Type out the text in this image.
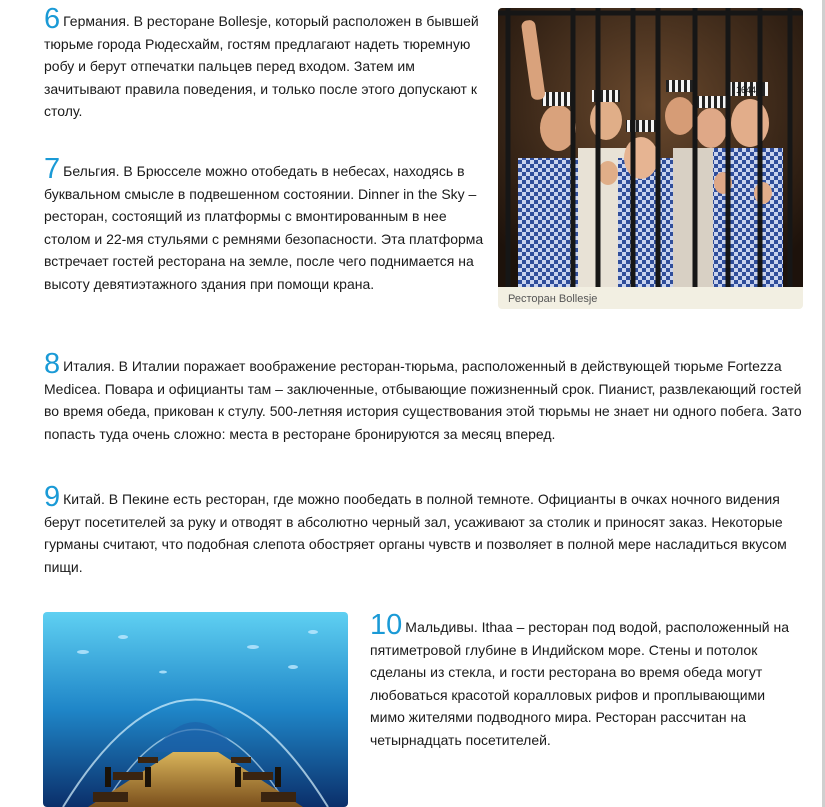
6 Германия. В ресторане Bollesje, который расположен в бывшей тюрьме города Рюдесхайм, гостям предлагают надеть тюремную робу и берут отпечатки пальцев перед входом. Затем им зачитывают правила поведения, и только после этого допускают к столу.
7 Бельгия. В Брюсселе можно отобедать в небесах, находясь в буквальном смысле в подвешенном состоянии. Dinner in the Sky – ресторан, состоящий из платформы с вмонтированным в нее столом и 22-мя стульями с ремнями безопасности. Эта платформа встречает гостей ресторана на земле, после чего поднимается на высоту девятиэтажного здания при помощи крана.
8 Италия. В Италии поражает воображение ресторан-тюрьма, расположенный в действующей тюрьме Fortezza Medicea. Повара и официанты там – заключенные, отбывающие пожизненный срок. Пианист, развлекающий гостей во время обеда, прикован к стулу. 500-летняя история существования этой тюрьмы не знает ни одного побега. Зато попасть туда очень сложно: места в ресторане бронируются за месяц вперед.
9 Китай. В Пекине есть ресторан, где можно пообедать в полной темноте. Официанты в очках ночного видения берут посетителей за руку и отводят в абсолютно черный зал, усаживают за столик и приносят заказ. Некоторые гурманы считают, что подобная слепота обостряет органы чувств и позволяет в полной мере насладиться вкусом пищи.
10 Мальдивы. Ithaa – ресторан под водой, расположенный на пятиметровой глубине в Индийском море. Стены и потолок сделаны из стекла, и гости ресторана во время обеда могут любоваться красотой коралловых рифов и проплывающими мимо жителями подводного мира. Ресторан рассчитан на четырнадцать посетителей.
1644
Ресторан Bollesje
